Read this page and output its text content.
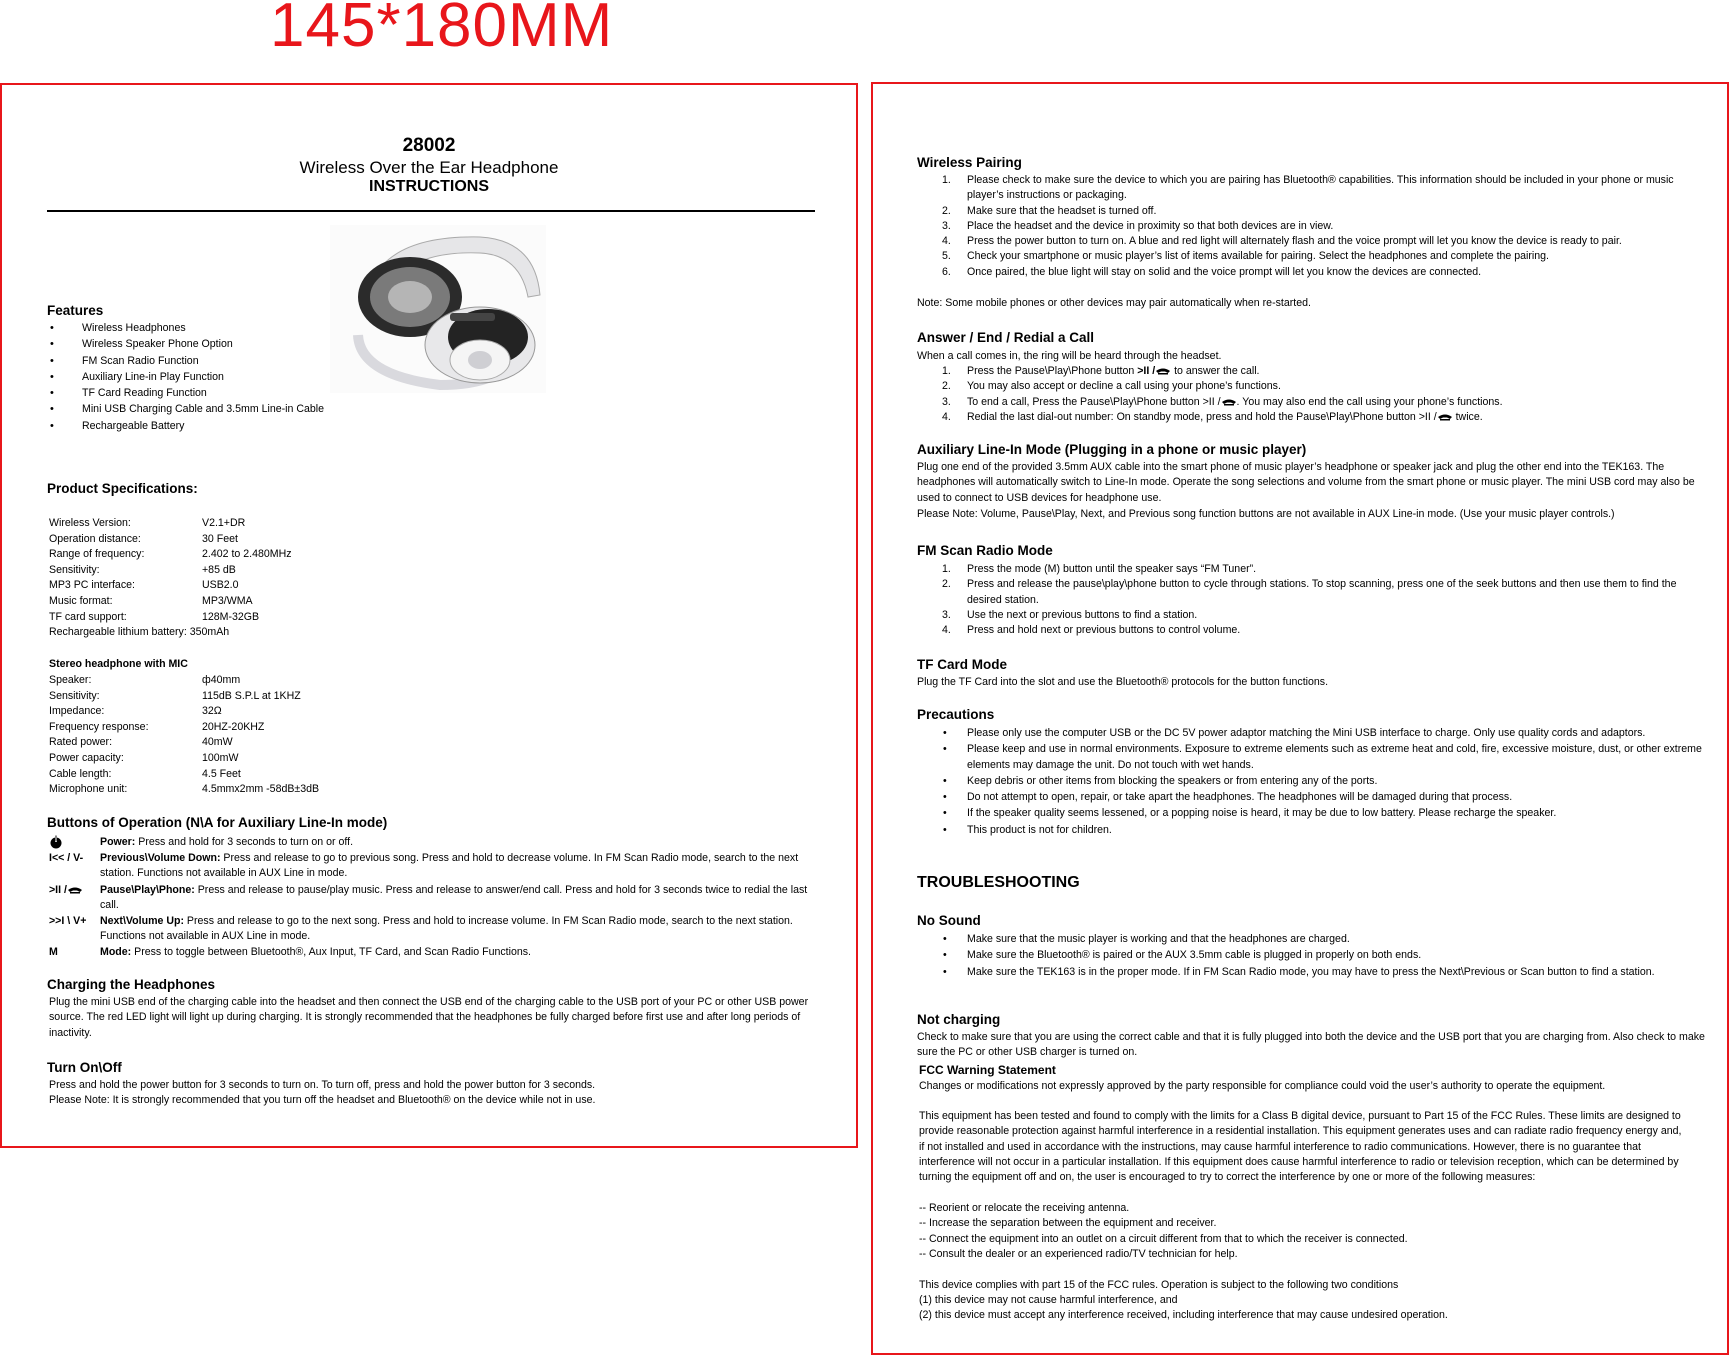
145*180MM
28002
Wireless Over the Ear Headphone
INSTRUCTIONS
Features
• Wireless Headphones
• Wireless Speaker Phone Option
• FM Scan Radio Function
• Auxiliary Line-in Play Function
• TF Card Reading Function
• Mini USB Charging Cable and 3.5mm Line-in Cable
• Rechargeable Battery
Product Specifications:
Wireless Version:	V2.1+DR
Operation distance:	30 Feet
Range of frequency:	2.402 to 2.480MHz
Sensitivity:	+85 dB
MP3 PC interface:	USB2.0
Music format:	MP3/WMA
TF card support:	128M-32GB
Rechargeable lithium battery: 350mAh
Stereo headphone with MIC
Speaker:	ф40mm
Sensitivity:	115dB S.P.L at 1KHZ
Impedance:	32Ω
Frequency response:	20HZ-20KHZ
Rated power:	40mW
Power capacity:	100mW
Cable length:	4.5 Feet
Microphone unit:	4.5mmx2mm -58dB±3dB
Buttons of Operation (N\A for Auxiliary Line-In mode)
Power: Press and hold for 3 seconds to turn on or off.
I<< / V- Previous\Volume Down: Press and release to go to previous song. Press and hold to decrease volume. In FM Scan Radio mode, search to the next station. Functions not available in AUX Line in mode.
>II /	Pause\Play\Phone: Press and release to pause/play music. Press and release to answer/end call. Press and hold for 3 seconds twice to redial the last call.
>>I \ V+ Next\Volume Up: Press and release to go to the next song. Press and hold to increase volume. In FM Scan Radio mode, search to the next station. Functions not available in AUX Line in mode.
M	Mode: Press to toggle between Bluetooth®, Aux Input, TF Card, and Scan Radio Functions.
Charging the Headphones
Plug the mini USB end of the charging cable into the headset and then connect the USB end of the charging cable to the USB port of your PC or other USB power source. The red LED light will light up during charging. It is strongly recommended that the headphones be fully charged before first use and after long periods of inactivity.
Turn On\Off
Press and hold the power button for 3 seconds to turn on. To turn off, press and hold the power button for 3 seconds.
Please Note: It is strongly recommended that you turn off the headset and Bluetooth® on the device while not in use.
Wireless Pairing
1. Please check to make sure the device to which you are pairing has Bluetooth® capabilities. This information should be included in your phone or music player’s instructions or packaging.
2. Make sure that the headset is turned off.
3. Place the headset and the device in proximity so that both devices are in view.
4. Press the power button to turn on. A blue and red light will alternately flash and the voice prompt will let you know the device is ready to pair.
5. Check your smartphone or music player’s list of items available for pairing. Select the headphones and complete the pairing.
6. Once paired, the blue light will stay on solid and the voice prompt will let you know the devices are connected.
Note: Some mobile phones or other devices may pair automatically when re-started.
Answer / End / Redial a Call
When a call comes in, the ring will be heard through the headset.
1. Press the Pause\Play\Phone button >II / to answer the call.
2. You may also accept or decline a call using your phone’s functions.
3. To end a call, Press the Pause\Play\Phone button >II / . You may also end the call using your phone’s functions.
4. Redial the last dial-out number: On standby mode, press and hold the Pause\Play\Phone button >II / twice.
Auxiliary Line-In Mode (Plugging in a phone or music player)
Plug one end of the provided 3.5mm AUX cable into the smart phone of music player’s headphone or speaker jack and plug the other end into the TEK163. The headphones will automatically switch to Line-In mode. Operate the song selections and volume from the smart phone or music player. The mini USB cord may also be used to connect to USB devices for headphone use.
Please Note: Volume, Pause\Play, Next, and Previous song function buttons are not available in AUX Line-in mode. (Use your music player controls.)
FM Scan Radio Mode
1. Press the mode (M) button until the speaker says “FM Tuner”.
2. Press and release the pause\play\phone button to cycle through stations. To stop scanning, press one of the seek buttons and then use them to find the desired station.
3. Use the next or previous buttons to find a station.
4. Press and hold next or previous buttons to control volume.
TF Card Mode
Plug the TF Card into the slot and use the Bluetooth® protocols for the button functions.
Precautions
• Please only use the computer USB or the DC 5V power adaptor matching the Mini USB interface to charge. Only use quality cords and adaptors.
• Please keep and use in normal environments. Exposure to extreme elements such as extreme heat and cold, fire, excessive moisture, dust, or other extreme elements may damage the unit. Do not touch with wet hands.
• Keep debris or other items from blocking the speakers or from entering any of the ports.
• Do not attempt to open, repair, or take apart the headphones. The headphones will be damaged during that process.
• If the speaker quality seems lessened, or a popping noise is heard, it may be due to low battery. Please recharge the speaker.
• This product is not for children.
TROUBLESHOOTING
No Sound
• Make sure that the music player is working and that the headphones are charged.
• Make sure the Bluetooth® is paired or the AUX 3.5mm cable is plugged in properly on both ends.
• Make sure the TEK163 is in the proper mode. If in FM Scan Radio mode, you may have to press the Next\Previous or Scan button to find a station.
Not charging
Check to make sure that you are using the correct cable and that it is fully plugged into both the device and the USB port that you are charging from. Also check to make sure the PC or other USB charger is turned on.
FCC Warning Statement
Changes or modifications not expressly approved by the party responsible for compliance could void the user’s authority to operate the equipment.
This equipment has been tested and found to comply with the limits for a Class B digital device, pursuant to Part 15 of the FCC Rules. These limits are designed to provide reasonable protection against harmful interference in a residential installation. This equipment generates uses and can radiate radio frequency energy and, if not installed and used in accordance with the instructions, may cause harmful interference to radio communications. However, there is no guarantee that interference will not occur in a particular installation. If this equipment does cause harmful interference to radio or television reception, which can be determined by turning the equipment off and on, the user is encouraged to try to correct the interference by one or more of the following measures:
-- Reorient or relocate the receiving antenna.
-- Increase the separation between the equipment and receiver.
-- Connect the equipment into an outlet on a circuit different from that to which the receiver is connected.
-- Consult the dealer or an experienced radio/TV technician for help.
This device complies with part 15 of the FCC rules. Operation is subject to the following two conditions
(1) this device may not cause harmful interference, and
(2) this device must accept any interference received, including interference that may cause undesired operation.
